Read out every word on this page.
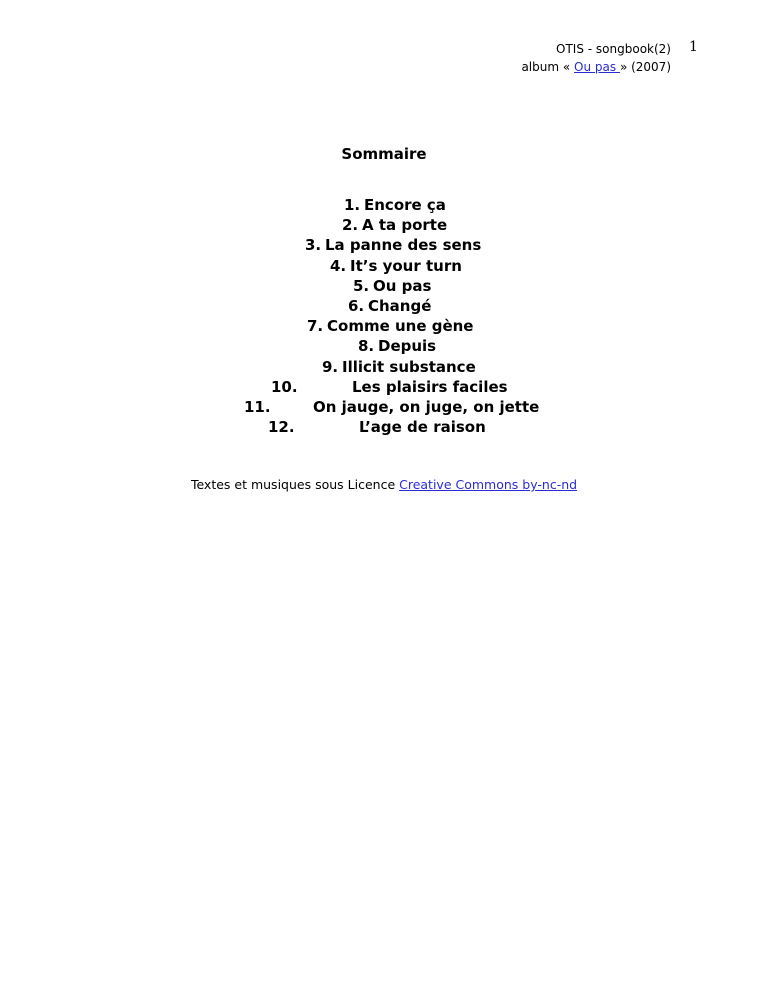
OTIS - songbook(2)
album « Ou pas » (2007)
1
Sommaire
1. Encore ça
2. A ta porte
3. La panne des sens
4. It’s your turn
5. Ou pas
6. Changé
7. Comme une gène
8. Depuis
9. Illicit substance
10.	Les plaisirs faciles
11.	On jauge, on juge, on jette
12.	L’age de raison
Textes et musiques sous Licence Creative Commons by-nc-nd
